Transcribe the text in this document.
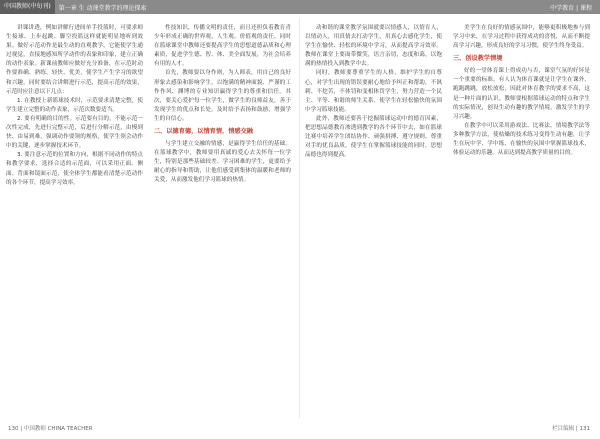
中国教师(中旬刊)	第一章 生 动课堂教学的理论探索	中学教育 | 课程

讲课讲透，例如讲解行进间单手投篮时，可要求师生接球、上步起跳、脚空投篮这样就能明显地听到效果。做好示范动作是最生动的直观教学，它能使学生通过视觉，直接地感知所学动作的表象和印象，建立正确的动作表象。新课前教师应做好充分准备，在示范时动作要准确、熟练、轻快、优美，使学生产生学习的欲望和兴趣，同时要结合讲解进行示范，提高示范的效果，示范时应注意以下几点：

1. 在教授上新篮球技术时，示范要求清楚完整，使学生建立完整的动作表象，示范次数要适当。

2. 要有明确的目的性。示范要有目的，不能示范一次性完成，先进行完整示范，后进行分解示范，由慢到快、由易到难，强调动作要领的规格，使学生领会动作中的关键，逐步掌握技术环节。

3. 要注意示范的位置和方向，根据不同动作的特点和教学要求，选择合适的示范面，可以采用正面、侧面、背面和镜面示范，使全体学生都能看清楚示范动作的各个环节，提高学习效率。

性技知识，传播文明的责任，而且还担负着教育青少年形成正确的世界观、人生观、价值观的责任，同时在篮球课堂中教师还要提高学生的思想道德品质和心理素质，促进学生德、智、体、美全面发展，为社会培养有用的人才。

首先，教师要以身作则，为人师表，用自己的良好形象去感染和影响学生，以饱满的精神面貌、严谨的工作作风、渊博的专业知识赢得学生的尊重和信任。其次，要关心爱护每一位学生，做学生的良师益友，善于发现学生的优点和长处，及时给予表扬和鼓励，增强学生的自信心。

二、以德育德，以情育情，情感交融

与学生建立交融的情感，是赢得学生信任的基础。在篮球教学中，教师要用真诚的爱心去关怀每一位学生，特别是那些基础较差、学习困难的学生，更要给予耐心的指导和帮助，让他们感受到集体的温暖和老师的关爱，从而激发他们学习篮球的热情。

动和谐的课堂教学氛围就要以情感人，以情育人，以情动人，用真情去打动学生，用真心去感化学生，使学生在愉快、轻松的环境中学习，从而提高学习效率。教师在课堂上要面带微笑，语言亲切，态度和蔼，以饱满的热情投入到教学中去。

同时，教师要尊重学生的人格，维护学生的自尊心，对学生出现的错误要耐心地给予纠正和帮助，不讽刺、不挖苦，不体罚和变相体罚学生，努力营造一个民主、平等、和谐的师生关系，使学生在轻松愉快的氛围中学习篮球技能。

此外，教师还要善于挖掘篮球运动中的德育因素，把思想品德教育渗透到教学的各个环节中去，如在篮球比赛中培养学生团结协作、顽强拼搏、遵守规则、尊重对手的优良品质，使学生在掌握篮球技能的同时，思想品德也得到提高。

美学生在良好的情感氛围中，能够更积极地参与到学习中来，在学习过程中获得成功的喜悦，从而不断提高学习兴趣，形成良好的学习习惯，使学生终身受益。

三、创设教学情境

好的一堂体育课上得成功与否，课堂气氛的好坏是一个重要的标准。有人认为体育课就是让学生在课外，跑跑跳跳，放松放松，因此对体育教学的要求不高，这是一种片面的认识。教师要根据篮球运动的特点和学生的实际情况，创设生动有趣的教学情境，激发学生的学习兴趣。

在教学中可以采用游戏法、比赛法、情境教学法等多种教学方法，使枯燥的技术练习变得生动有趣，让学生在玩中学、学中练，在愉快的氛围中掌握篮球技术，体验运动的乐趣，从而达到提高教学质量的目的。

130 | 中国教师 CHINA TEACHER	栏目编辑 | 131
